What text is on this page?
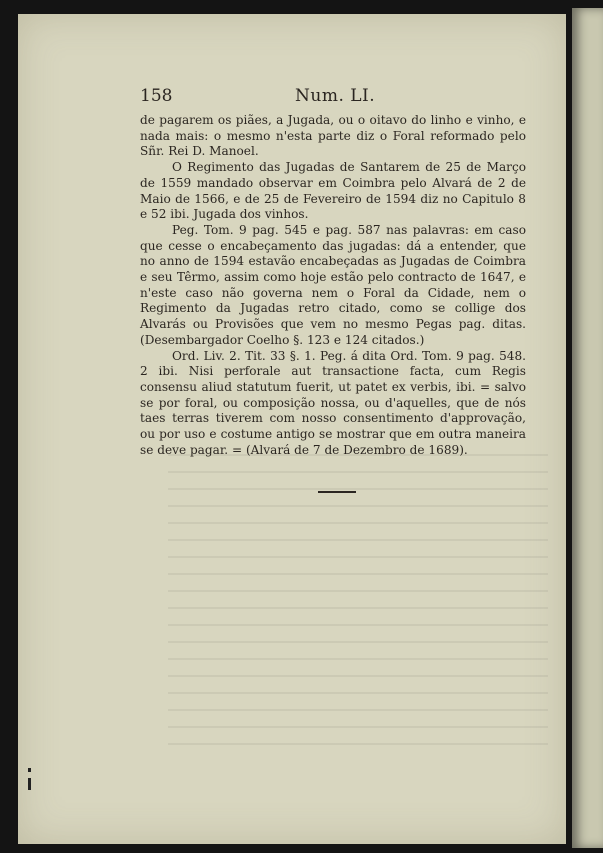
158	Num. LI.

de pagarem os piães, a Jugada, ou o oitavo do linho e vinho, e nada mais: o mesmo n'esta parte diz o Foral reformado pelo Sñr. Rei D. Manoel.

O Regimento das Jugadas de Santarem de 25 de Março de 1559 mandado observar em Coimbra pelo Alvará de 2 de Maio de 1566, e de 25 de Fevereiro de 1594 diz no Capitulo 8 e 52 ibi. Jugada dos vinhos.

Peg. Tom. 9 pag. 545 e pag. 587 nas palavras: em caso que cesse o encabeçamento das jugadas: dá a entender, que no anno de 1594 estavão encabeçadas as Jugadas de Coimbra e seu Têrmo, assim como hoje estão pelo contracto de 1647, e n'este caso não governa nem o Foral da Cidade, nem o Regimento da Jugadas retro citado, como se collige dos Alvarás ou Provisões que vem no mesmo Pegas pag. ditas. (Desembargador Coelho §. 123 e 124 citados.)

Ord. Liv. 2. Tit. 33 §. 1. Peg. á dita Ord. Tom. 9 pag. 548. 2 ibi. Nisi perforale aut transactione facta, cum Regis consensu aliud statutum fuerit, ut patet ex verbis, ibi. = salvo se por foral, ou composição nossa, ou d'aquelles, que de nós taes terras tiverem com nosso consentimento d'approvação, ou por uso e costume antigo se mostrar que em outra maneira se deve pagar. = (Alvará de 7 de Dezembro de 1689).
